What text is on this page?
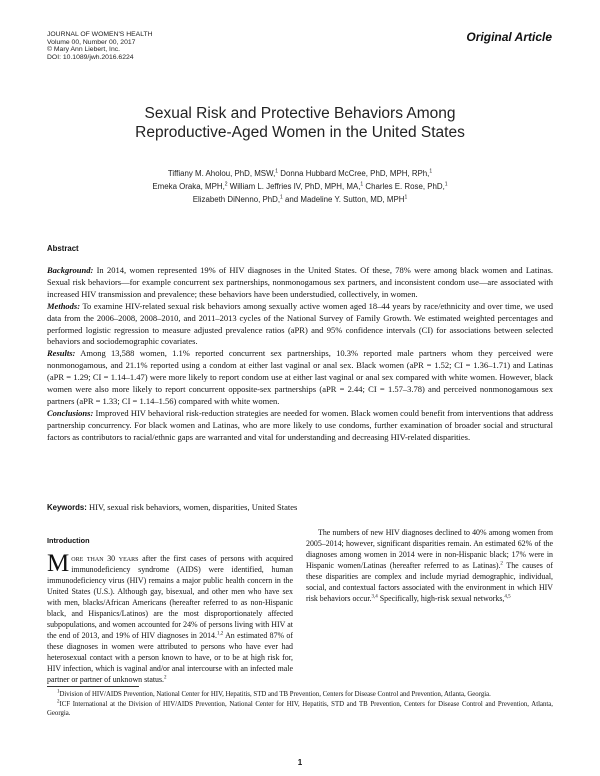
JOURNAL OF WOMEN'S HEALTH
Volume 00, Number 00, 2017
© Mary Ann Liebert, Inc.
DOI: 10.1089/jwh.2016.6224
Original Article
Sexual Risk and Protective Behaviors Among
Reproductive-Aged Women in the United States
Tiffiany M. Aholou, PhD, MSW,$^1$ Donna Hubbard McCree, PhD, MPH, RPh,$^1$
Emeka Oraka, MPH,$^2$ William L. Jeffries IV, PhD, MPH, MA,$^1$ Charles E. Rose, PhD,$^1$
Elizabeth DiNenno, PhD,$^1$ and Madeline Y. Sutton, MD, MPH$^1$
Abstract

Background: In 2014, women represented 19% of HIV diagnoses in the United States. Of these, 78% were among black women and Latinas. Sexual risk behaviors—for example concurrent sex partnerships, nonmonogamous sex partners, and inconsistent condom use—are associated with increased HIV transmission and prevalence; these behaviors have been understudied, collectively, in women.

Methods: To examine HIV-related sexual risk behaviors among sexually active women aged 18–44 years by race/ethnicity and over time, we used data from the 2006–2008, 2008–2010, and 2011–2013 cycles of the National Survey of Family Growth. We estimated weighted percentages and performed logistic regression to measure adjusted prevalence ratios (aPR) and 95% confidence intervals (CI) for associations between selected behaviors and sociodemographic covariates.

Results: Among 13,588 women, 1.1% reported concurrent sex partnerships, 10.3% reported male partners whom they perceived were nonmonogamous, and 21.1% reported using a condom at either last vaginal or anal sex. Black women (aPR = 1.52; CI = 1.36–1.71) and Latinas (aPR = 1.29; CI = 1.14–1.47) were more likely to report condom use at either last vaginal or anal sex compared with white women. However, black women were also more likely to report concurrent opposite-sex partnerships (aPR = 2.44; CI = 1.57–3.78) and perceived nonmonogamous sex partners (aPR = 1.33; CI = 1.14–1.56) compared with white women.

Conclusions: Improved HIV behavioral risk-reduction strategies are needed for women. Black women could benefit from interventions that address partnership concurrency. For black women and Latinas, who are more likely to use condoms, further examination of broader social and structural factors as contributors to racial/ethnic gaps are warranted and vital for understanding and decreasing HIV-related disparities.

Keywords: HIV, sexual risk behaviors, women, disparities, United States
Introduction

More than 30 years after the first cases of persons with acquired immunodeficiency syndrome (AIDS) were identified, human immunodeficiency virus (HIV) remains a major public health concern in the United States (U.S.). Although gay, bisexual, and other men who have sex with men, blacks/African Americans (hereafter referred to as non-Hispanic black, and Hispanics/Latinos) are the most disproportionately affected subpopulations, and women accounted for 24% of persons living with HIV at the end of 2013, and 19% of HIV diagnoses in 2014.$^{1,2}$ An estimated 87% of these diagnoses in women were attributed to persons who have ever had heterosexual contact with a person known to have, or to be at high risk for, HIV infection, which is vaginal and/or anal intercourse with an infected male partner or partner of unknown status.$^2$

The numbers of new HIV diagnoses declined to 40% among women from 2005–2014; however, significant disparities remain. An estimated 62% of the diagnoses among women in 2014 were in non-Hispanic black; 17% were in Hispanic women/Latinas (hereafter referred to as Latinas).$^2$ The causes of these disparities are complex and include myriad demographic, individual, social, and contextual factors associated with the environment in which HIV risk behaviors occur.$^{3,4}$ Specifically, high-risk sexual networks,$^{4,5}$

$^1$Division of HIV/AIDS Prevention, National Center for HIV, Hepatitis, STD and TB Prevention, Centers for Disease Control and Prevention, Atlanta, Georgia.

$^2$ICF International at the Division of HIV/AIDS Prevention, National Center for HIV, Hepatitis, STD and TB Prevention, Centers for Disease Control and Prevention, Atlanta, Georgia.

1
